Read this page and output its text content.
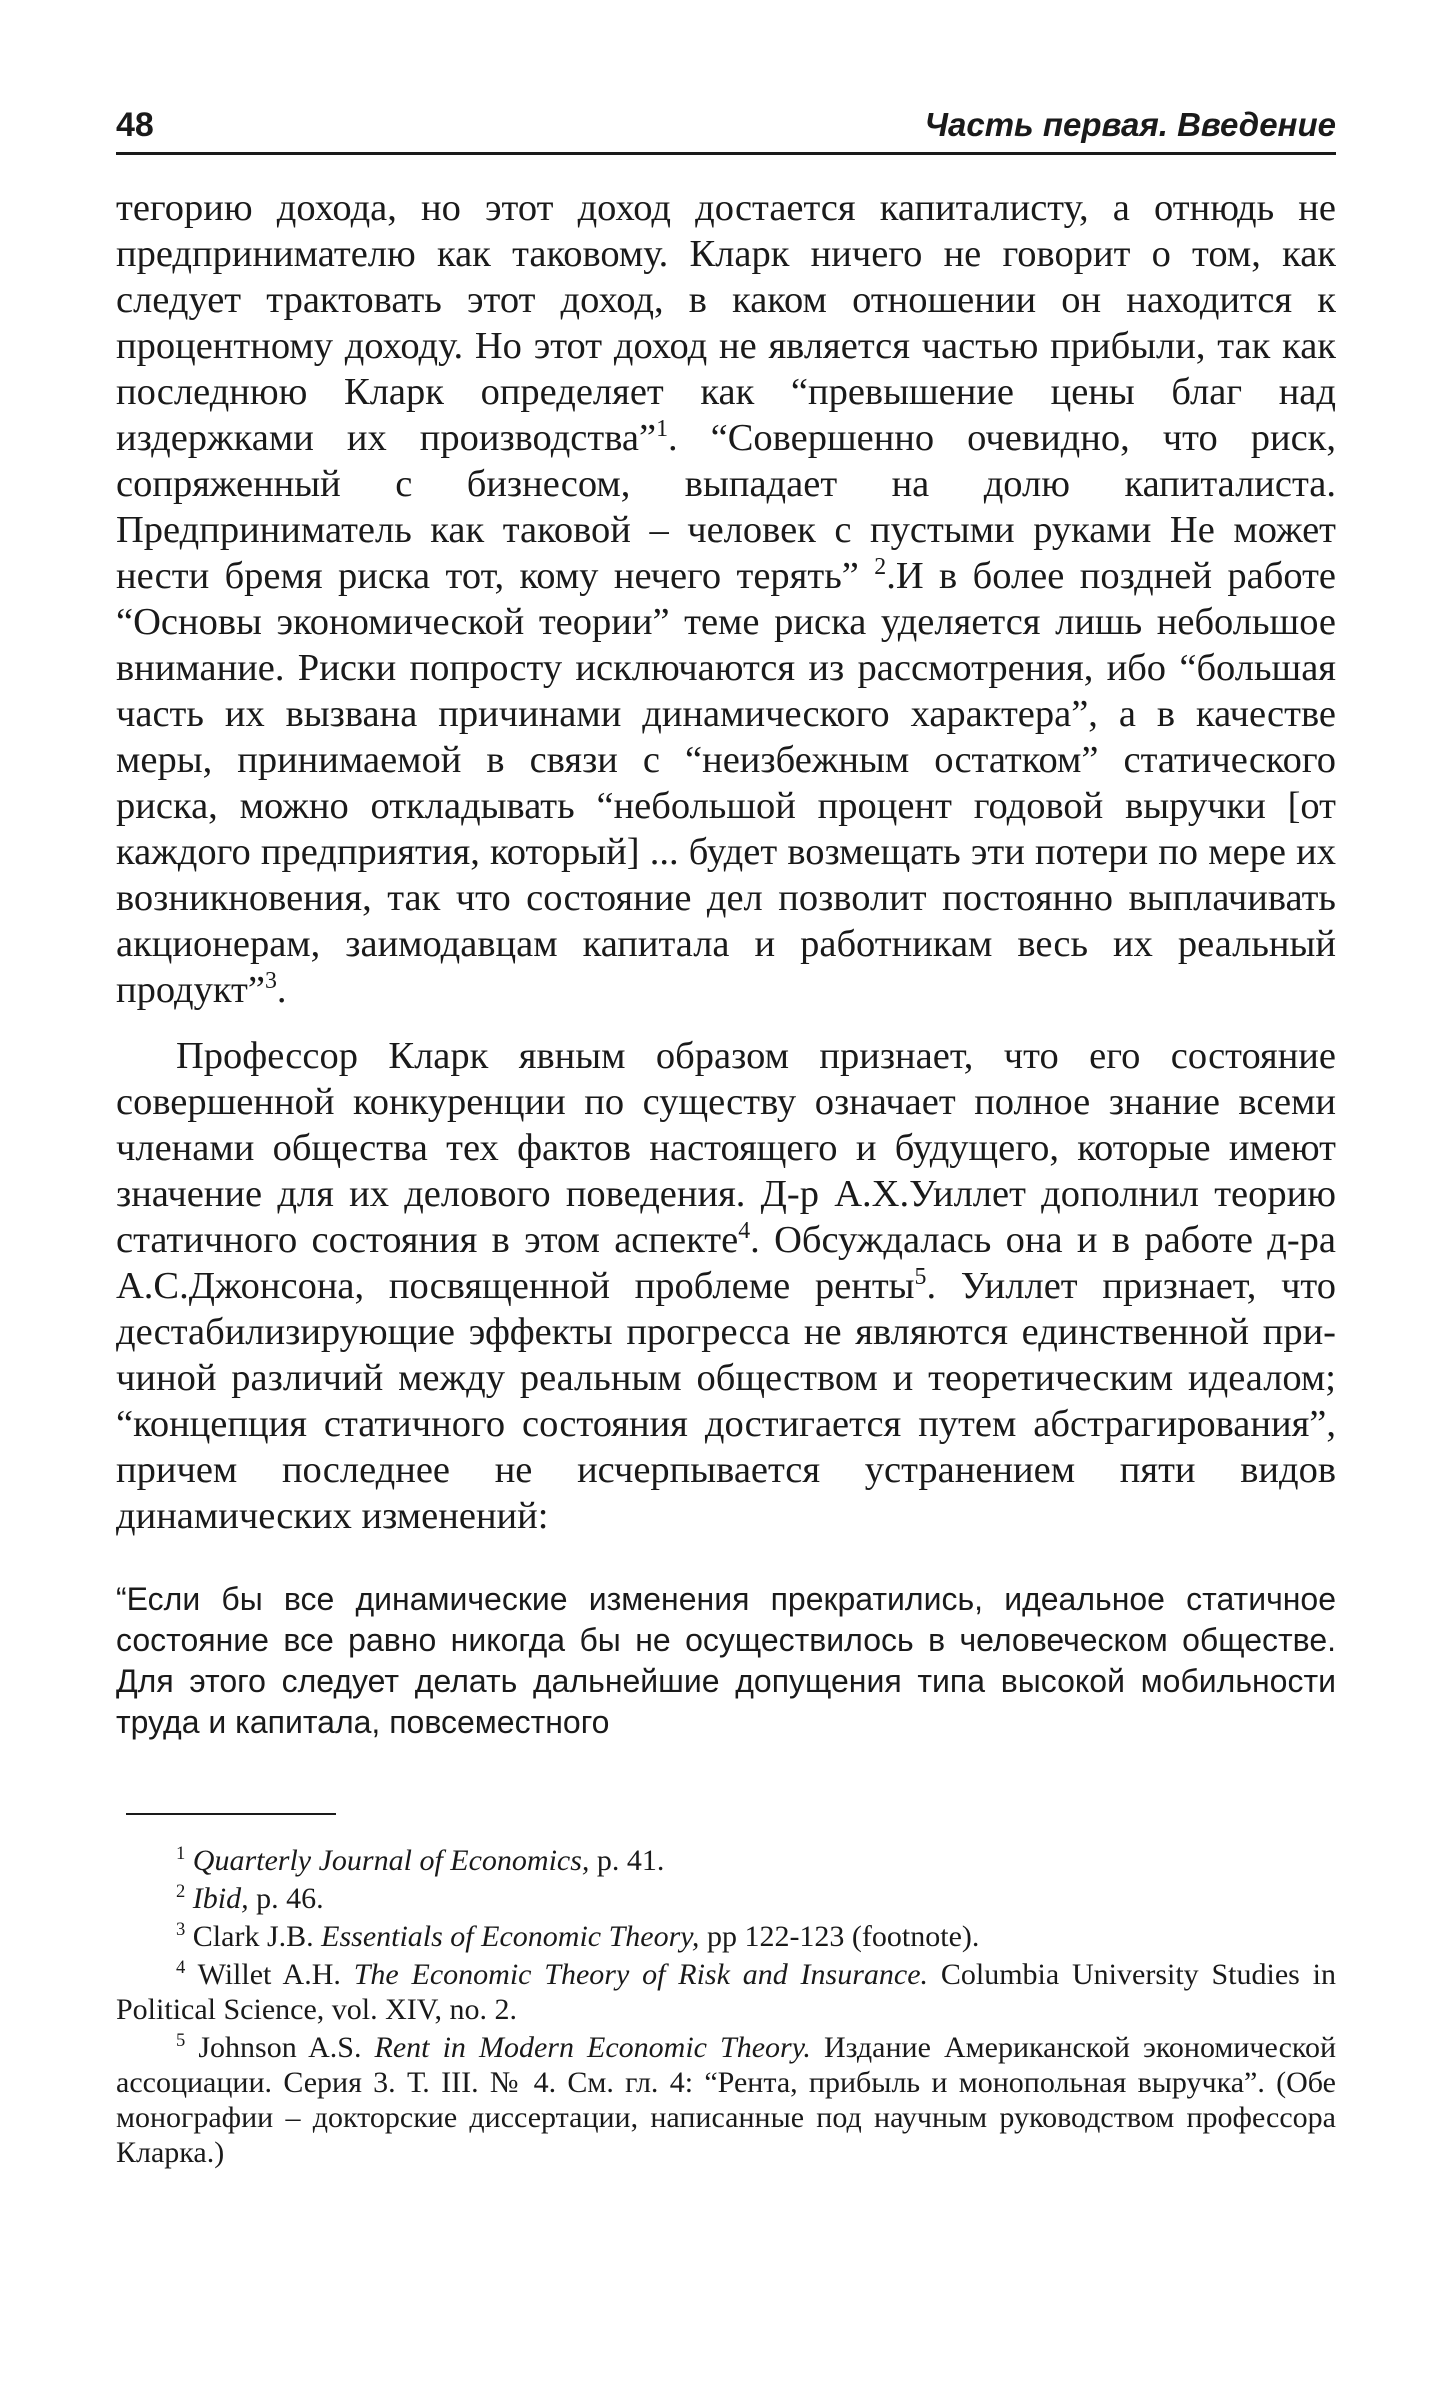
48	Часть первая. Введение

тегорию дохода, но этот доход достается капиталисту, а отнюдь не предпринимателю как таковому. Кларк ничего не говорит о том, как следует трактовать этот доход, в каком отношении он находится к процентному доходу. Но этот доход не является частью прибыли, так как последнюю Кларк определяет как “превышение цены благ над издержками их производства”$^1$. “Совершенно очевидно, что риск, сопряженный с бизнесом, выпадает на долю капиталиста. Предприниматель как таковой – человек с пустыми руками Не может нести бремя риска тот, кому нечего терять” $^2$.И в более поздней работе “Основы экономической теории” теме риска уделяется лишь небольшое внимание. Риски попросту исключаются из рассмотрения, ибо “большая часть их вызвана причинами динамического характера”, а в качестве меры, принимаемой в связи с “неизбежным остатком” статического риска, можно откладывать “небольшой процент годовой выручки [от каждого предприятия, который] ... будет возмещать эти потери по мере их возникновения, так что состояние дел позволит постоянно выплачивать акционерам, заимодавцам капитала и работникам весь их реальный продукт”$^3$.

Профессор Кларк явным образом признает, что его состояние совершенной конкуренции по существу означает полное знание всеми членами общества тех фактов настоящего и будущего, которые имеют значение для их делового поведения. Д-р А.Х.Уиллет дополнил теорию статичного состояния в этом аспекте$^4$. Обсуждалась она и в работе д-ра А.С.Джонсона, посвященной проблеме ренты$^5$. Уиллет признает, что дестабилизирующие эффекты прогресса не являются единственной причиной различий между реальным обществом и теоретическим идеалом; “концепция статичного состояния достигается путем абстрагирования”, причем последнее не исчерпывается устранением пяти видов динамических изменений:

“Если бы все динамические изменения прекратились, идеальное статичное состояние все равно никогда бы не осуществилось в человеческом обществе. Для этого следует делать дальнейшие допущения типа высокой мобильности труда и капитала, повсеместного

$^1$ Quarterly Journal of Economics, p. 41.

$^2$ Ibid, p. 46.

$^3$ Clark J.B. Essentials of Economic Theory, pp 122-123 (footnote).

$^4$ Willet A.H. The Economic Theory of Risk and Insurance. Columbia University Studies in Political Science, vol. XIV, no. 2.

$^5$ Johnson A.S. Rent in Modern Economic Theory. Издание Американской экономической ассоциации. Серия 3. Т. III. № 4. См. гл. 4: “Рента, прибыль и монопольная выручка”. (Обе монографии – докторские диссертации, написанные под научным руководством профессора Кларка.)
